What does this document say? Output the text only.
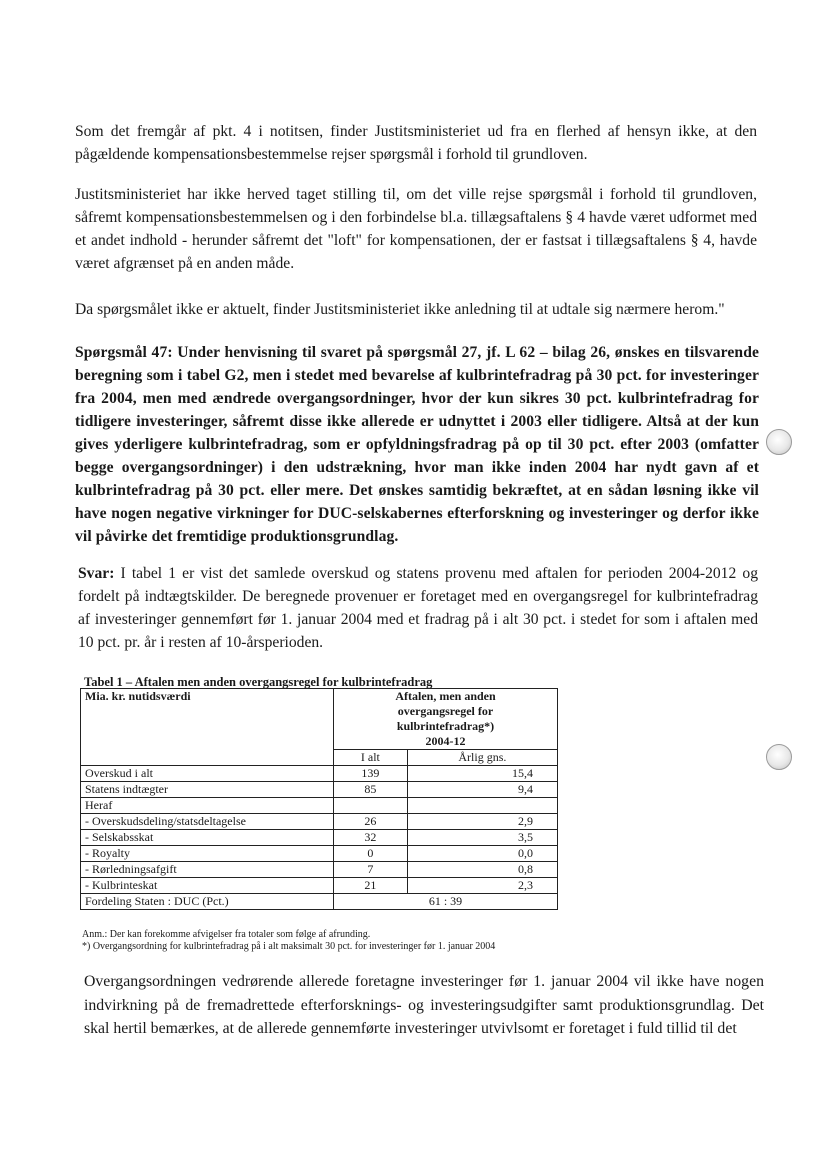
Som det fremgår af pkt. 4 i notitsen, finder Justitsministeriet ud fra en flerhed af hensyn ikke, at den pågældende kompensationsbestemmelse rejser spørgsmål i forhold til grundloven.

Justitsministeriet har ikke herved taget stilling til, om det ville rejse spørgsmål i forhold til grundloven, såfremt kompensationsbestemmelsen og i den forbindelse bl.a. tillægsaftalens § 4 havde været udformet med et andet indhold - herunder såfremt det "loft" for kompensationen, der er fastsat i tillægsaftalens § 4, havde været afgrænset på en anden måde.

Da spørgsmålet ikke er aktuelt, finder Justitsministeriet ikke anledning til at udtale sig nærmere herom."

Spørgsmål 47: Under henvisning til svaret på spørgsmål 27, jf. L 62 – bilag 26, ønskes en tilsvarende beregning som i tabel G2, men i stedet med bevarelse af kulbrintefradrag på 30 pct. for investeringer fra 2004, men med ændrede overgangsordninger, hvor der kun sikres 30 pct. kulbrintefradrag for tidligere investeringer, såfremt disse ikke allerede er udnyttet i 2003 eller tidligere. Altså at der kun gives yderligere kulbrintefradrag, som er opfyldningsfradrag på op til 30 pct. efter 2003 (omfatter begge overgangsordninger) i den udstrækning, hvor man ikke inden 2004 har nydt gavn af et kulbrintefradrag på 30 pct. eller mere. Det ønskes samtidig bekræftet, at en sådan løsning ikke vil have nogen negative virkninger for DUC-selskabernes efterforskning og investeringer og derfor ikke vil påvirke det fremtidige produktionsgrundlag.

Svar: I tabel 1 er vist det samlede overskud og statens provenu med aftalen for perioden 2004-2012 og fordelt på indtægtskilder. De beregnede provenuer er foretaget med en overgangsregel for kulbrintefradrag af investeringer gennemført før 1. januar 2004 med et fradrag på i alt 30 pct. i stedet for som i aftalen med 10 pct. pr. år i resten af 10-årsperioden.

Tabel 1 – Aftalen men anden overgangsregel for kulbrintefradrag
Mia. kr. nutidsværdi	Aftalen, men anden overgangsregel for kulbrintefradrag*)
2004-12	

	I alt	Årlig gns.
Overskud i alt	139	15,4
Statens indtægter	85	9,4
Heraf		
- Overskudsdeling/statsdeltagelse	26	2,9
- Selskabsskat	32	3,5
- Royalty	0	0,0
- Rørledningsafgift	7	0,8
- Kulbrinteskat	21	2,3
Fordeling Staten : DUC (Pct.)	61 : 39	
Anm.: Der kan forekomme afvigelser fra totaler som følge af afrunding.
*) Overgangsordning for kulbrintefradrag på i alt maksimalt 30 pct. for investeringer før 1. januar 2004

Overgangsordningen vedrørende allerede foretagne investeringer før 1. januar 2004 vil ikke have nogen indvirkning på de fremadrettede efterforsknings- og investeringsudgifter samt produktionsgrundlag. Det skal hertil bemærkes, at de allerede gennemførte investeringer utvivlsomt er foretaget i fuld tillid til det
